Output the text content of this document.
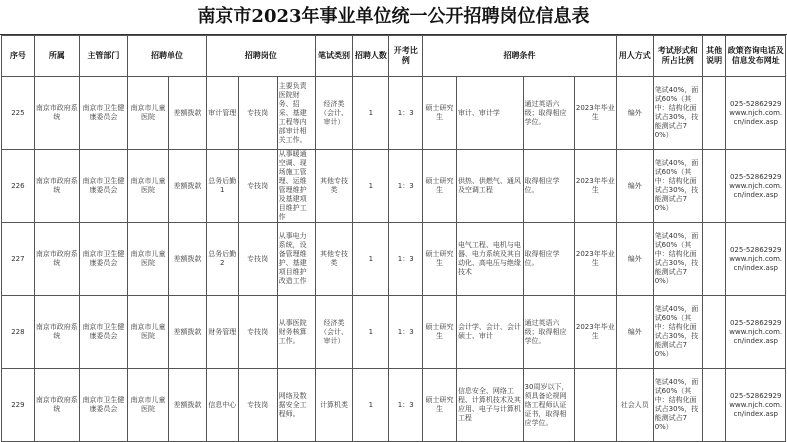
南京市2023年事业单位统一公开招聘岗位信息表
序号	所属	主管部门	招聘单位		招聘岗位			笔试类别	招聘人数	开考比例	招聘条件				用人方式	考试形式和所占比例	其他说明	政策咨询电话及信息发布网址
225	南京市政府系统	南京市卫生健康委员会	南京市儿童医院	差额拨款	审计管理	专技岗	主要负责医院财务、招采、基建工程等内部审计相关工作。	经济类（会计、审计）	1	1：3	硕士研究生	审计、审计学	通过英语六级；取得相应学位。	2023年毕业生	编外	笔试40%，面试60%（其中：结构化面试占30%，技能测试占70%）		025-52862929 www.njch.com.cn/index.asp
226	南京市政府系统	南京市卫生健康委员会	南京市儿童医院	差额拨款	总务后勤1	专技岗	从事暖通空调、现场施工管理、运维管理维护及基建项目维护工作	其他专技类	1	1：3	硕士研究生	供热、供燃气、通风及空调工程	取得相应学位。	2023年毕业生	编外	笔试40%，面试60%（其中：结构化面试占30%，技能测试占70%）		025-52862929 www.njch.com.cn/index.asp
227	南京市政府系统	南京市卫生健康委员会	南京市儿童医院	差额拨款	总务后勤2	专技岗	从事电力系统，设备管理维护、基建项目维护改造工作	其他专技类	1	1：3	硕士研究生	电气工程、电机与电器、电力系统及其自动化、高电压与绝缘技术	取得相应学位。	2023年毕业生	编外	笔试40%，面试60%（其中：结构化面试占30%，技能测试占70%）		025-52862929 www.njch.com.cn/index.asp
228	南京市政府系统	南京市卫生健康委员会	南京市儿童医院	差额拨款	财务管理	专技岗	从事医院财务核算工作。	经济类（会计、审计）	1	1：3	硕士研究生	会计学、会计、会计硕士、审计	通过英语六级；取得相应学位。	2023年毕业生	编外	笔试40%，面试60%（其中：结构化面试占30%，技能测试占70%）		025-52862929 www.njch.com.cn/index.asp
229	南京市政府系统	南京市卫生健康委员会	南京市儿童医院	差额拨款	信息中心	专技岗	网络及数据安全工程师。	计算机类	1	1：3	硕士研究生	信息安全、网络工程、计算机技术及其应用、电子与计算机工程	30周岁以下，须具备论规网络工程师认证证书，取得相应学位。		社会人员	笔试40%，面试60%（其中：结构化面试占30%，技能测试占70%）		025-52862929 www.njch.com.cn/index.asp
